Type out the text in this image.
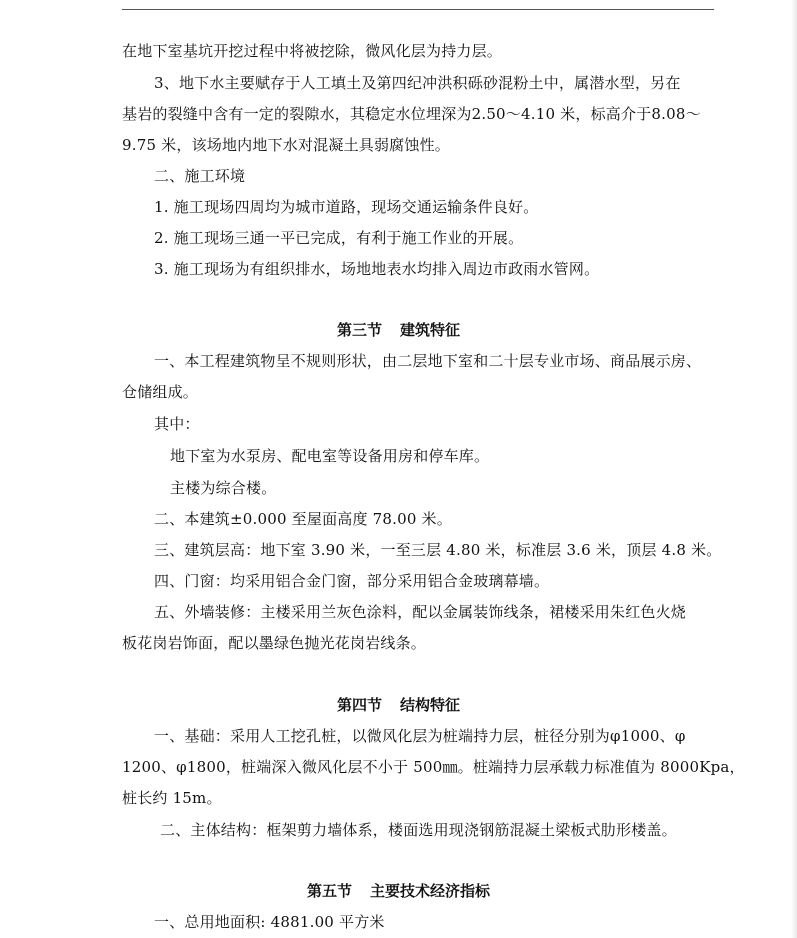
在地下室基坑开挖过程中将被挖除，微风化层为持力层。
3、地下水主要赋存于人工填土及第四纪冲洪积砾砂混粉土中，属潜水型，另在
基岩的裂缝中含有一定的裂隙水，其稳定水位埋深为2.50～4.10 米，标高介于8.08～
9.75 米，该场地内地下水对混凝土具弱腐蚀性。
二、施工环境
1. 施工现场四周均为城市道路，现场交通运输条件良好。
2. 施工现场三通一平已完成，有利于施工作业的开展。
3. 施工现场为有组织排水，场地地表水均排入周边市政雨水管网。
第三节 建筑特征
一、本工程建筑物呈不规则形状，由二层地下室和二十层专业市场、商品展示房、
仓储组成。
其中：
地下室为水泵房、配电室等设备用房和停车库。
主楼为综合楼。
二、本建筑±0.000 至屋面高度 78.00 米。
三、建筑层高：地下室 3.90 米，一至三层 4.80 米，标准层 3.6 米，顶层 4.8 米。
四、门窗：均采用铝合金门窗，部分采用铝合金玻璃幕墙。
五、外墙装修：主楼采用兰灰色涂料，配以金属装饰线条，裙楼采用朱红色火烧
板花岗岩饰面，配以墨绿色抛光花岗岩线条。
第四节 结构特征
一、基础：采用人工挖孔桩，以微风化层为桩端持力层，桩径分别为φ1000、φ
1200、φ1800，桩端深入微风化层不小于 500㎜。桩端持力层承载力标准值为 8000Kpa，
桩长约 15m。
二、主体结构：框架剪力墙体系，楼面选用现浇钢筋混凝土梁板式肋形楼盖。
第五节 主要技术经济指标
一、总用地面积: 4881.00 平方米
